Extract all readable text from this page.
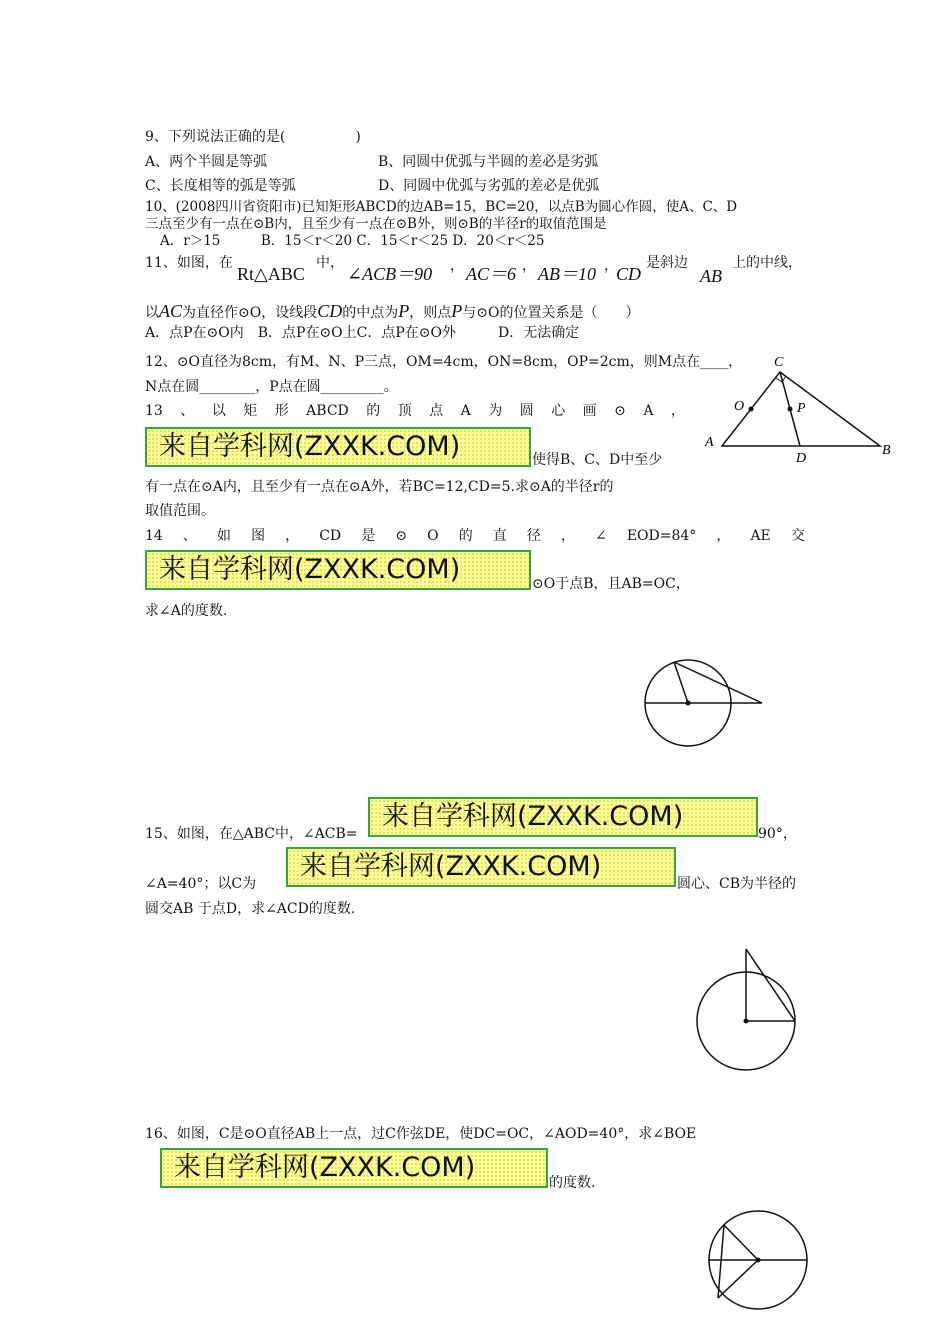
9、下列说法正确的是(　　　　　)
A、两个半圆是等弧	B、同圆中优弧与半圆的差必是劣弧
C、长度相等的弧是等弧	D、同圆中优弧与劣弧的差必是优弧
10、(2008四川省资阳市)已知矩形ABCD的边AB=15，BC=20，以点B为圆心作圆，使A、C、D
三点至少有一点在⊙B内，且至少有一点在⊙B外，则⊙B的半径r的取值范围是
A．r＞15　　　B．15＜r＜20 C．15＜r＜25 D．20＜r＜25
11、如图，在
Rt△ABC
中，
∠ACB＝90 ， AC＝6 ， AB＝10 ，
CD
是斜边
AB
上的中线，
以AC为直径作⊙O，设线段CD的中点为P，则点P与⊙O的位置关系是（　　）
A．点P在⊙O内　B．点P在⊙O上C．点P在⊙O外　　　D．无法确定
12、⊙O直径为8cm，有M、N、P三点，OM=4cm，ON=8cm，OP=2cm，则M点在____，
N点在圆________，P点在圆_________。
13 、 以 矩 形 ABCD 的 顶 点 A 为 圆 心 画 ⊙ A ，
来自学科网(ZXXK.COM)	使得B、C、D中至少
有一点在⊙A内，且至少有一点在⊙A外，若BC=12,CD=5.求⊙A的半径r的
取值范围。
C
O	P
A
B
D
14 、 如 图 ， CD 是 ⊙ O 的 直 径 ， ∠ EOD=84° ， AE 交
来自学科网(ZXXK.COM)	⊙O于点B，且AB=OC，
求∠A的度数.
15、如图，在△ABC中，∠ACB=
来自学科网(ZXXK.COM)
90°，
∠A=40°；以C为
来自学科网(ZXXK.COM)
圆心、CB为半径的
圆交AB 于点D，求∠ACD的度数.
16、如图，C是⊙O直径AB上一点，过C作弦DE，使DC=OC，∠AOD=40°，求∠BOE
来自学科网(ZXXK.COM)	的度数.
